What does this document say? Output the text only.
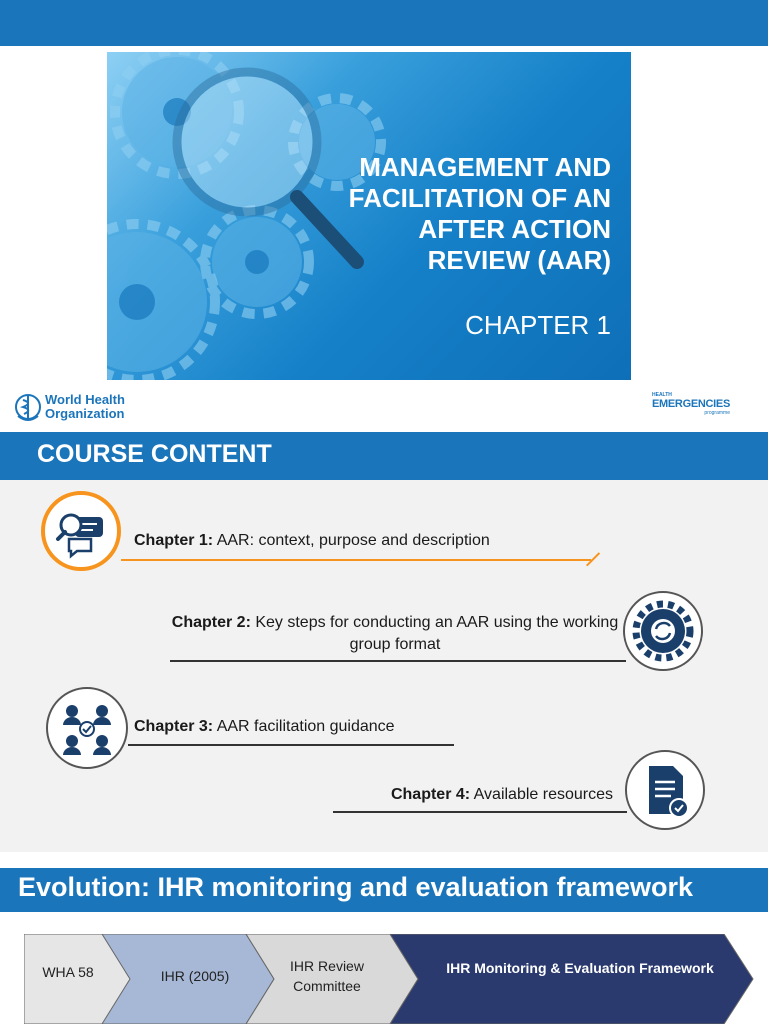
MANAGEMENT AND FACILITATION OF AN AFTER ACTION REVIEW (AAR)
CHAPTER 1
World Health
Organization
HEALTH
EMERGENCIES
programme
COURSE CONTENT
Chapter 1: AAR: context, purpose and description
Chapter 2: Key steps for conducting an AAR using the working group format
Chapter 3: AAR facilitation guidance
Chapter 4: Available resources
Evolution: IHR monitoring and evaluation framework
WHA 58	IHR (2005)
IHR Review Committee
IHR Monitoring & Evaluation Framework
